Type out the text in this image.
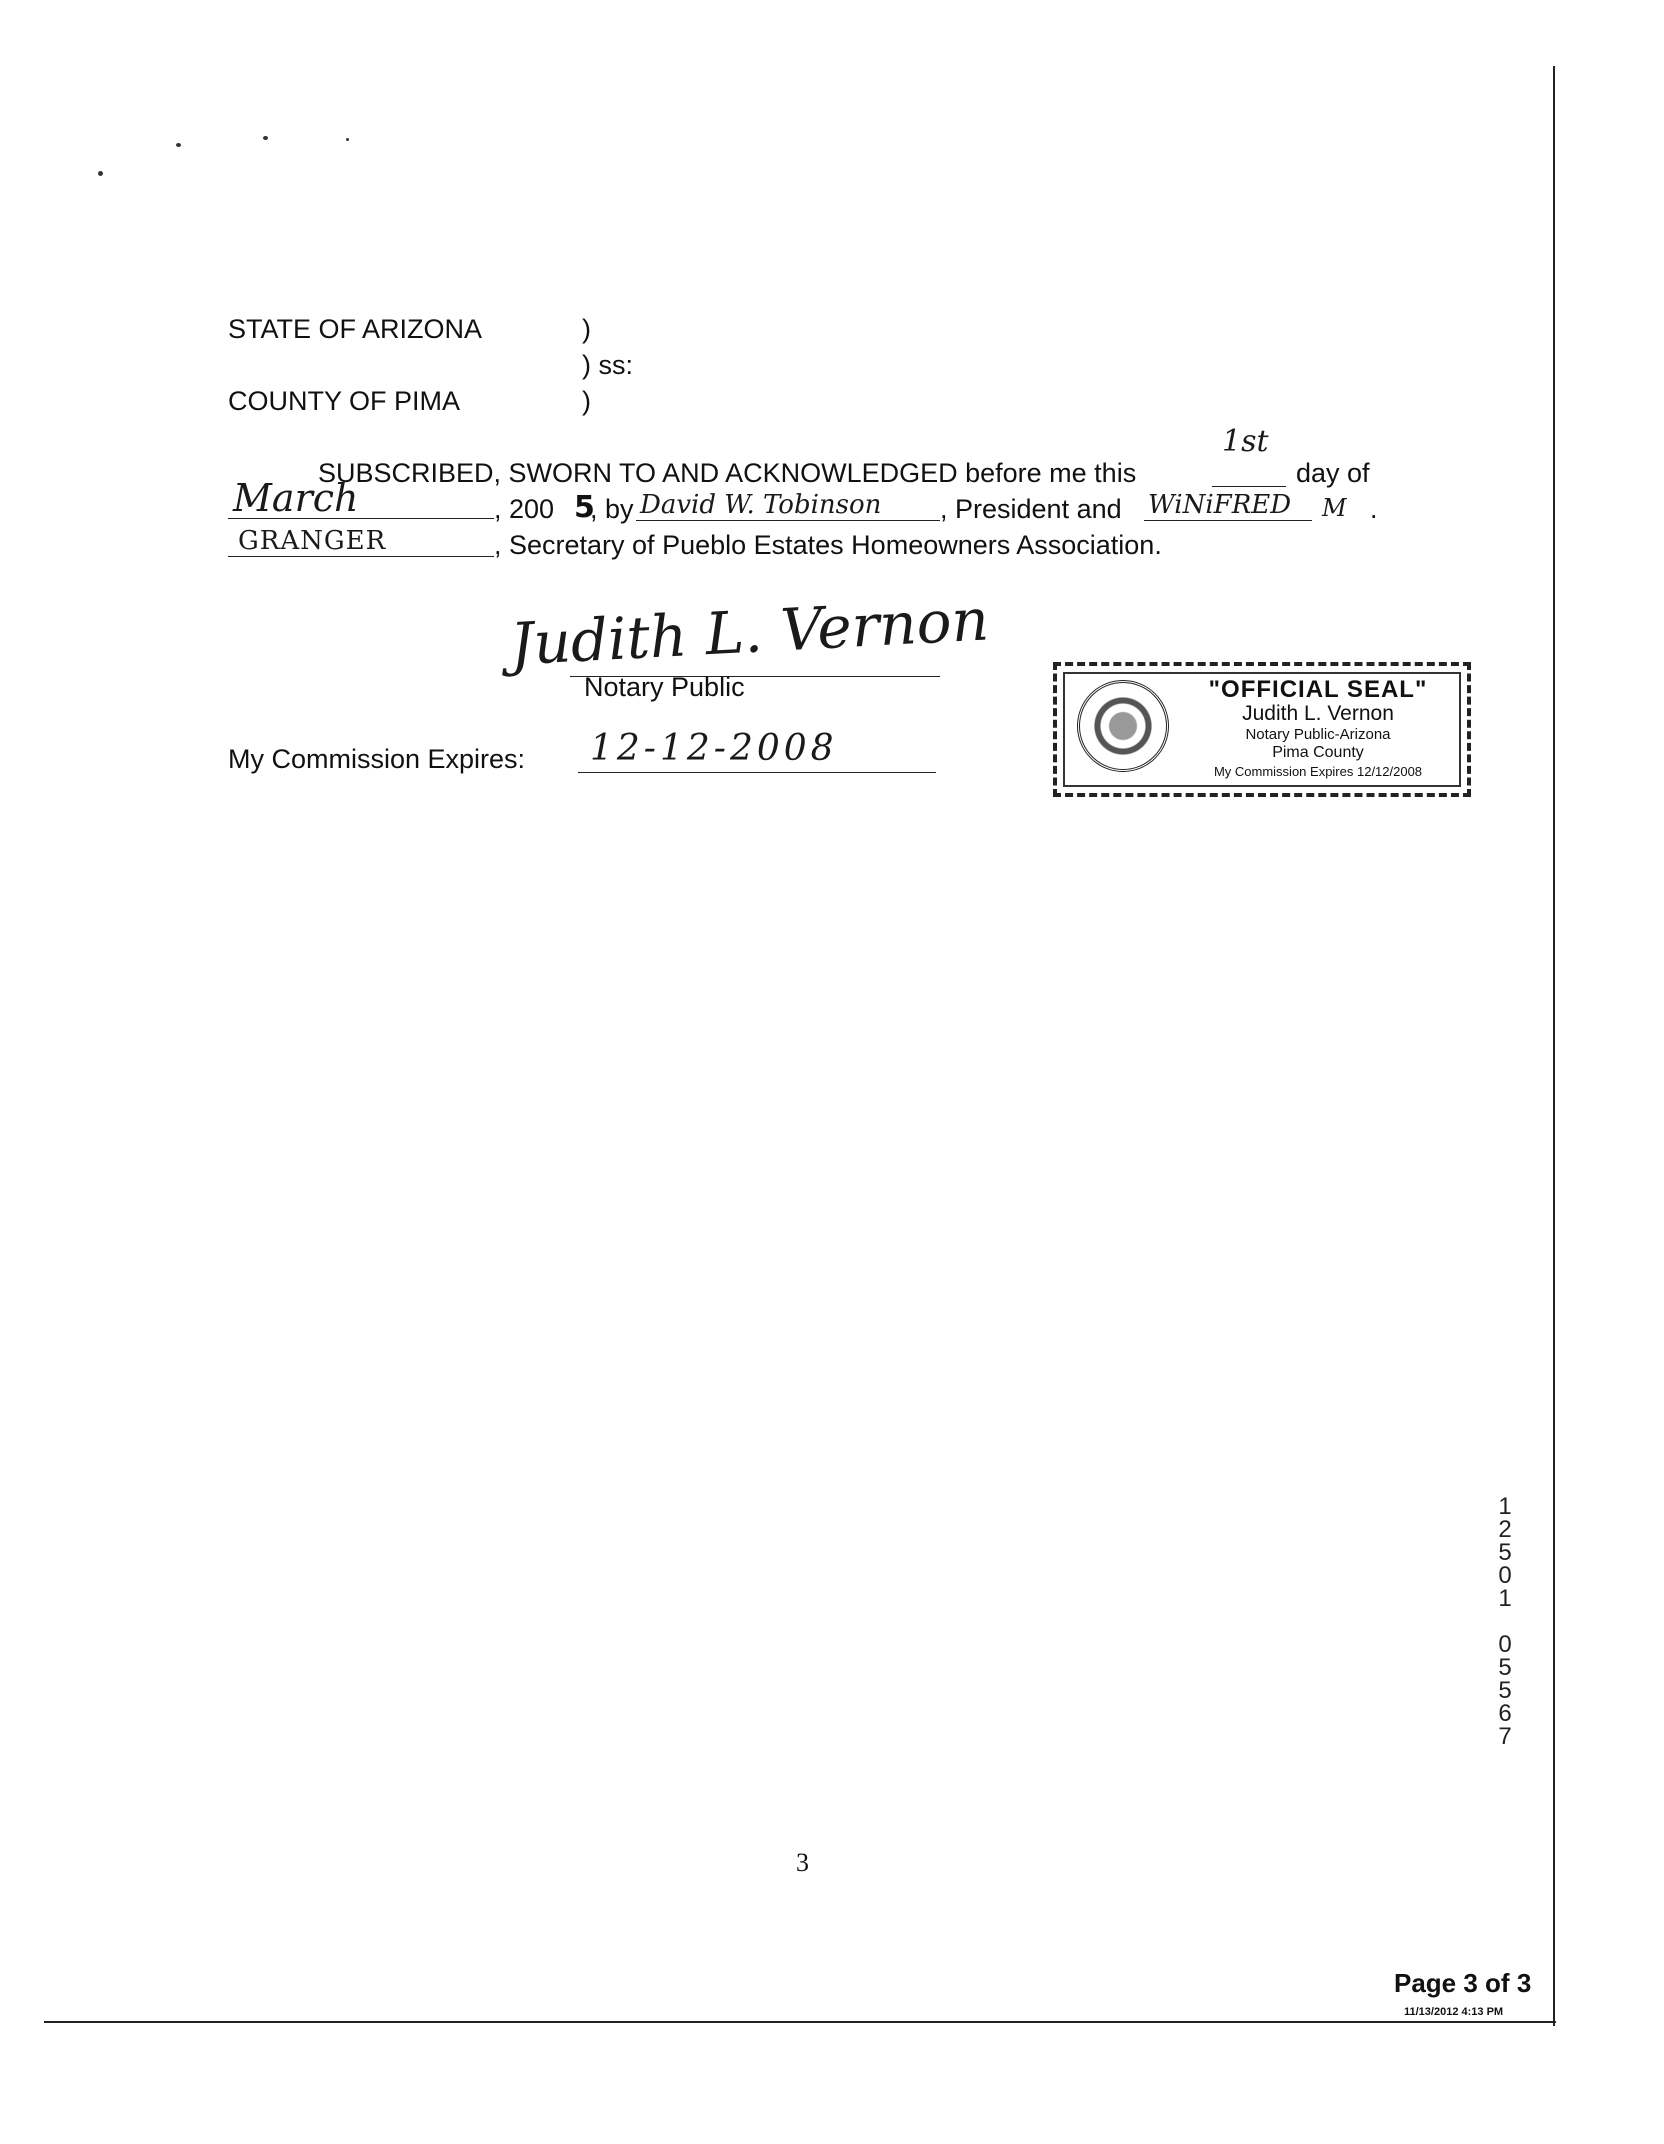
STATE OF ARIZONA	)
) ss:
COUNTY OF PIMA	)
SUBSCRIBED, SWORN TO AND ACKNOWLEDGED before me this
1st
day of
March	, 200 5
, by David W. Tobinson , President and WiNiFRED M .
GRANGER	, Secretary of Pueblo Estates Homeowners Association.
Judith L. Vernon
Notary Public
My Commission Expires: 12-12-2008
"OFFICIAL SEAL"
Judith L. Vernon
Notary Public-Arizona
Pima County
My Commission Expires 12/12/2008
1
2
5
0
1
0
5
5
6
7
3
Page 3 of 3
11/13/2012 4:13 PM
